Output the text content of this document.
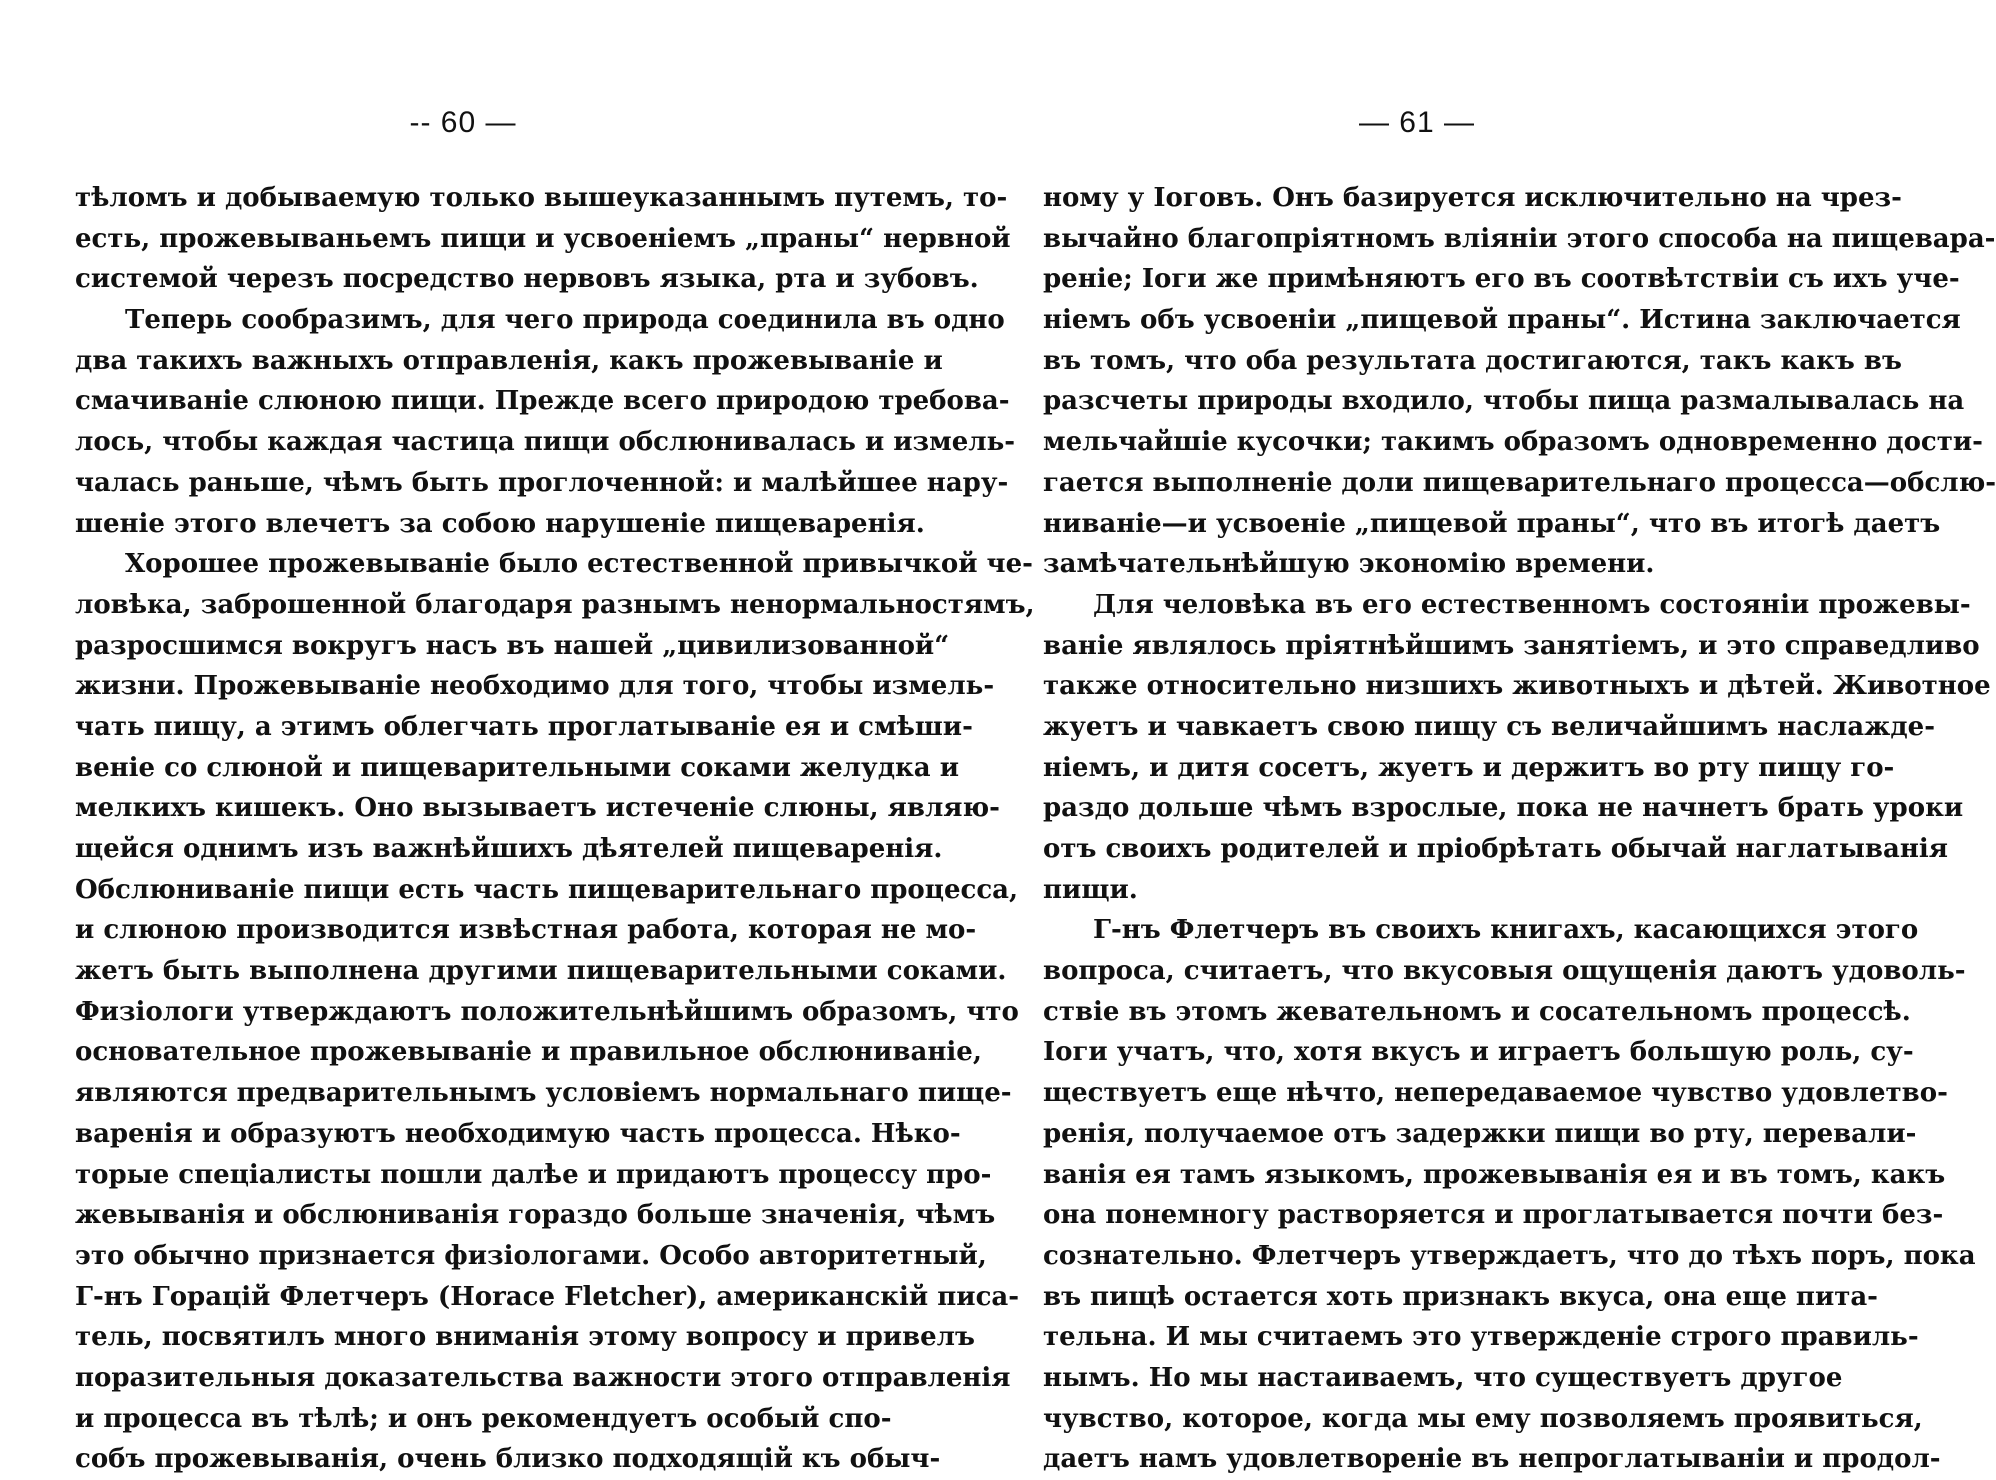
-- 60 —
тѣломъ и добываемую только вышеуказаннымъ путемъ, то-
есть, прожевываньемъ пищи и усвоеніемъ „праны“ нервной
системой черезъ посредство нервовъ языка, рта и зубовъ.
Теперь сообразимъ, для чего природа соединила въ одно
два такихъ важныхъ отправленія, какъ прожевываніе и
смачиваніе слюною пищи. Прежде всего природою требова-
лось, чтобы каждая частица пищи обслюнивалась и измель-
чалась раньше, чѣмъ быть проглоченной: и малѣйшее нару-
шеніе этого влечетъ за собою нарушеніе пищеваренія.
Хорошее прожевываніе было естественной привычкой че-
ловѣка, заброшенной благодаря разнымъ ненормальностямъ,
разросшимся вокругъ насъ въ нашей „цивилизованной“
жизни. Прожевываніе необходимо для того, чтобы измель-
чать пищу, а этимъ облегчать проглатываніе ея и смѣши-
веніе со слюной и пищеварительными соками желудка и
мелкихъ кишекъ. Оно вызываетъ истеченіе слюны, являю-
щейся однимъ изъ важнѣйшихъ дѣятелей пищеваренія.
Обслюниваніе пищи есть часть пищеварительнаго процесса,
и слюною производится извѣстная работа, которая не мо-
жетъ быть выполнена другими пищеварительными соками.
Физіологи утверждаютъ положительнѣйшимъ образомъ, что
основательное прожевываніе и правильное обслюниваніе,
являются предварительнымъ условіемъ нормальнаго пище-
варенія и образуютъ необходимую часть процесса. Нѣко-
торые спеціалисты пошли далѣе и придаютъ процессу про-
жевыванія и обслюниванія гораздо больше значенія, чѣмъ
это обычно признается физіологами. Особо авторитетный,
Г-нъ Горацій Флетчеръ (Horace Fletcher), американскій писа-
тель, посвятилъ много вниманія этому вопросу и привелъ
поразительныя доказательства важности этого отправленія
и процесса въ тѣлѣ; и онъ рекомендуетъ особый спо-
собъ прожевыванія, очень близко подходящій къ обыч-
— 61 —
ному у Іоговъ. Онъ базируется исключительно на чрез-
вычайно благопріятномъ вліяніи этого способа на пищевара-
реніе; Іоги же примѣняютъ его въ соотвѣтствіи съ ихъ уче-
ніемъ объ усвоеніи „пищевой праны“. Истина заключается
въ томъ, что оба результата достигаются, такъ какъ въ
разсчеты природы входило, чтобы пища размалывалась на
мельчайшіе кусочки; такимъ образомъ одновременно дости-
гается выполненіе доли пищеварительнаго процесса—обслю-
ниваніе—и усвоеніе „пищевой праны“, что въ итогѣ даетъ
замѣчательнѣйшую экономію времени.
Для человѣка въ его естественномъ состояніи прожевы-
ваніе являлось пріятнѣйшимъ занятіемъ, и это справедливо
также относительно низшихъ животныхъ и дѣтей. Животное
жуетъ и чавкаетъ свою пищу съ величайшимъ наслажде-
ніемъ, и дитя сосетъ, жуетъ и держитъ во рту пищу го-
раздо дольше чѣмъ взрослые, пока не начнетъ брать уроки
отъ своихъ родителей и пріобрѣтать обычай наглатыванія
пищи.
Г-нъ Флетчеръ въ своихъ книгахъ, касающихся этого
вопроса, считаетъ, что вкусовыя ощущенія даютъ удоволь-
ствіе въ этомъ жевательномъ и сосательномъ процессѣ.
Іоги учатъ, что, хотя вкусъ и играетъ большую роль, су-
ществуетъ еще нѣчто, непередаваемое чувство удовлетво-
ренія, получаемое отъ задержки пищи во рту, перевали-
ванія ея тамъ языкомъ, прожевыванія ея и въ томъ, какъ
она понемногу растворяется и проглатывается почти без-
сознательно. Флетчеръ утверждаетъ, что до тѣхъ поръ, пока
въ пищѣ остается хоть признакъ вкуса, она еще пита-
тельна. И мы считаемъ это утвержденіе строго правиль-
нымъ. Но мы настаиваемъ, что существуетъ другое
чувство, которое, когда мы ему позволяемъ проявиться,
даетъ намъ удовлетвореніе въ непроглатываніи и продол-
